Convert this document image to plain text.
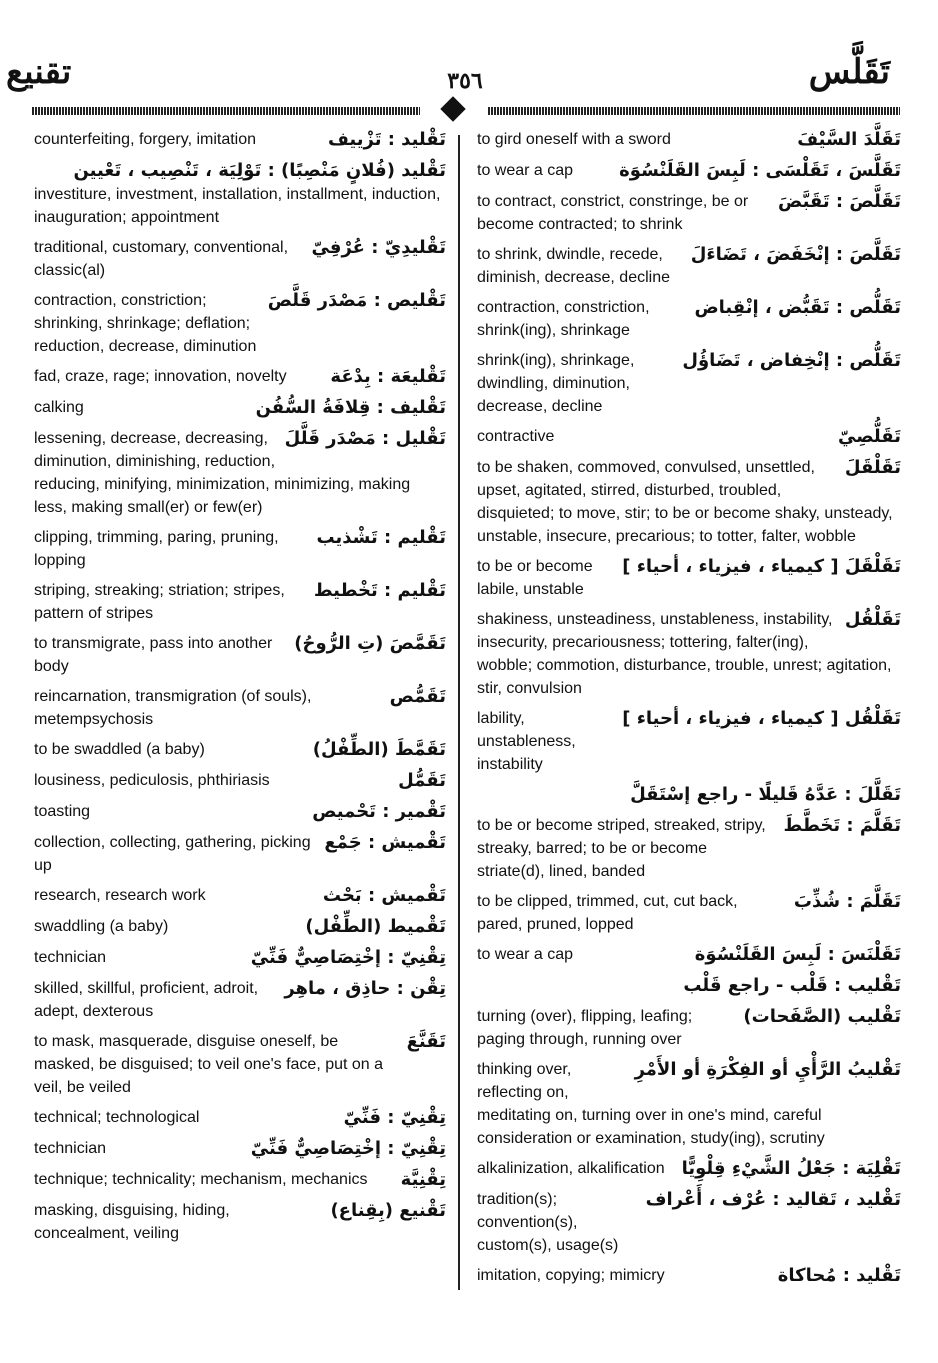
تقنيع	٣٥٦	تَقَلَّس
تَقْليد : تَزْييف
counterfeiting, forgery, imitation
تَقْليد (فُلانٍ مَنْصِبًا) : تَوْلِيَة ، تَنْصِيب ، تَعْيين
investiture, investment, installation, installment, induction, inauguration; appointment
تَقْليدِيّ : عُرْفِيّ
traditional, customary, conventional, classic(al)
تَقْليص : مَصْدَر قَلَّصَ
contraction, constriction; shrinking, shrinkage; deflation; reduction, decrease, diminution
تَقْليعَة : بِدْعَة
fad, craze, rage; innovation, novelty
تَقْليف : قِلافَةُ السُّفُن
calking
تَقْليل : مَصْدَر قَلَّلَ
lessening, decrease, decreasing, diminution, diminishing, reduction, reducing, minifying, minimization, minimizing, making less, making small(er) or few(er)
تَقْليم : تَشْذيب
clipping, trimming, paring, pruning, lopping
تَقْليم : تَخْطيط
striping, streaking; striation; stripes, pattern of stripes
تَقَمَّصَ (تِ الرُّوحُ)
to transmigrate, pass into another body
تَقَمُّص
reincarnation, transmigration (of souls), metempsychosis
تَقَمَّطَ (الطِّفْلُ)
to be swaddled (a baby)
تَقَمُّل
lousiness, pediculosis, phthiriasis
تَقْمير : تَحْميص
toasting
تَقْميش : جَمْع
collection, collecting, gathering, picking up
تَقْميش : بَحْث
research, research work
تَقْميط (الطِّفْل)
swaddling (a baby)
تِقْنِيّ : إخْتِصَاصِيٌّ فَنِّيّ
technician
تِقْن : حاذِق ، ماهِر
skilled, skillful, proficient, adroit, adept, dexterous
تَقَنَّعَ
to mask, masquerade, disguise oneself, be masked, be disguised; to veil one's face, put on a veil, be veiled
تِقْنِيّ : فَنِّيّ
technical; technological
تِقْنِيّ : إخْتِصَاصِيٌّ فَنِّيّ
technician
تِقْنِيَّة
technique; technicality; mechanism, mechanics
تَقْنيع (بِقِناع)
masking, disguising, hiding, concealment, veiling
تَقَلَّدَ السَّيْفَ
to gird oneself with a sword
تَقَلَّسَ ، تَقَلْسَى : لَبِسَ القَلَنْسُوَة
to wear a cap
تَقَلَّصَ : تَقَبَّضَ
to contract, constrict, constringe, be or become contracted; to shrink
تَقَلَّصَ : إنْخَفَضَ ، تَضَاءَلَ
to shrink, dwindle, recede, diminish, decrease, decline
تَقَلُّص : تَقَبُّض ، إنْقِباض
contraction, constriction, shrink(ing), shrinkage
تَقَلُّص : إنْخِفاض ، تَضَاؤُل
shrink(ing), shrinkage, dwindling, diminution, decrease, decline
تَقَلُّصِيّ
contractive
تَقَلْقَلَ
to be shaken, commoved, convulsed, unsettled, upset, agitated, stirred, disturbed, troubled, disquieted; to move, stir; to be or become shaky, unsteady, unstable, insecure, precarious; to totter, falter, wobble
تَقَلْقَلَ [ كيمياء ، فيزياء ، أحياء ]
to be or become labile, unstable
تَقَلْقُل
shakiness, unsteadiness, unstableness, instability, insecurity, precariousness; tottering, falter(ing), wobble; commotion, disturbance, trouble, unrest; agitation, stir, convulsion
تَقَلْقُل [ كيمياء ، فيزياء ، أحياء ]
lability, unstableness, instability
تَقَلَّلَ : عَدَّهُ قَليلًا - راجع إسْتَقَلَّ
تَقَلَّمَ : تَخَطَّطَ
to be or become striped, streaked, stripy, streaky, barred; to be or become striate(d), lined, banded
تَقَلَّمَ : شُذِّبَ
to be clipped, trimmed, cut, cut back, pared, pruned, lopped
تَقَلْنَسَ : لَبِسَ القَلَنْسُوَة
to wear a cap
تَقْليب : قَلْب - راجع قَلْب
تَقْليب (الصَّفَحات)
turning (over), flipping, leafing; paging through, running over
تَقْليبُ الرَّأْيِ أو الفِكْرَةِ أو الأَمْرِ
thinking over, reflecting on, meditating on, turning over in one's mind, careful consideration or examination, study(ing), scrutiny
تَقْلِيَة : جَعْلُ الشَّيْءِ قِلْوِيًّا
alkalinization, alkalification
تَقْليد ، تَقاليد : عُرْف ، أَعْراف
tradition(s); convention(s), custom(s), usage(s)
تَقْليد : مُحاكاة
imitation, copying; mimicry
